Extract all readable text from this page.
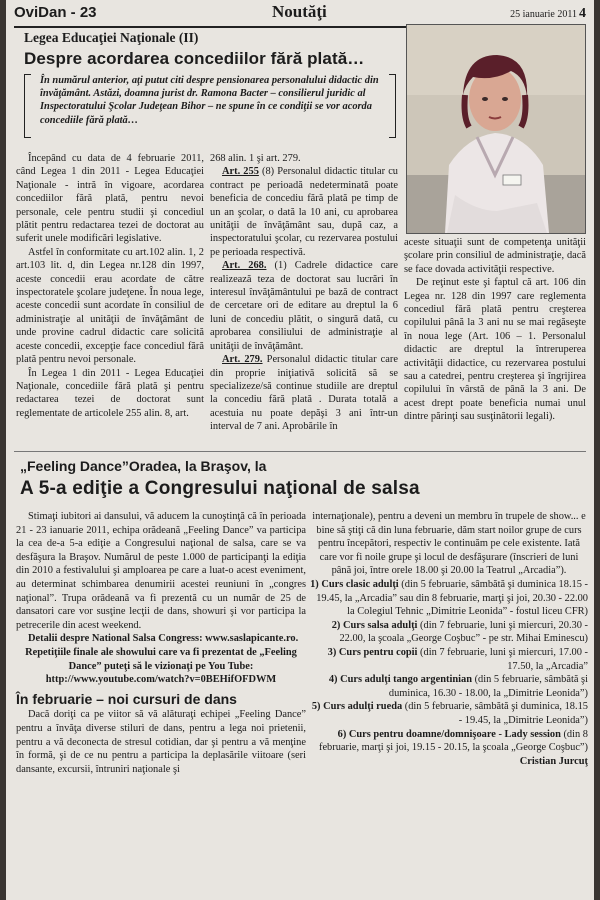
OviDan - 23	Noutăţi	25 ianuarie 2011 4
Legea Educaţiei Naţionale (II)
Despre acordarea concediilor fără plată…
În numărul anterior, aţi putut citi despre pensionarea personalului didactic din învăţământ. Astăzi, doamna jurist dr. Ramona Bacter – consilierul juridic al Inspectoratului Şcolar Judeţean Bihor – ne spune în ce condiţii se vor acorda concediile fără plată…

Începând cu data de 4 februarie 2011, când Legea 1 din 2011 - Legea Educaţiei Naţionale - intră în vigoare, acordarea concediilor fără plată, pentru nevoi personale, cele pentru studii şi concediul plătit pentru redactarea tezei de doctorat au suferit unele modificări legislative.

Astfel în conformitate cu art.102 alin. 1, 2 art.103 lit. d, din Legea nr.128 din 1997, aceste concedii erau acordate de către inspectoratele şcolare judeţene. În noua lege, aceste concedii sunt acordate în consiliul de administraţie al unităţii de învăţământ de unde provine cadrul didactic care solicită aceste concedii, excepţie face concediul fără plată pentru nevoi personale.

În Legea 1 din 2011 - Legea Educaţiei Naţionale, concediile fără plată şi pentru redactarea tezei de doctorat sunt reglementate de articolele 255 alin. 8, art.

268 alin. 1 şi art. 279.

Art. 255 (8) Personalul didactic titular cu contract pe perioadă nedeterminată poate beneficia de concediu fără plată pe timp de un an şcolar, o dată la 10 ani, cu aprobarea unităţii de învăţământ sau, după caz, a inspectoratului şcolar, cu rezervarea postului pe perioada respectivă.

Art. 268. (1) Cadrele didactice care realizează teza de doctorat sau lucrări în interesul învăţământului pe bază de contract de cercetare ori de editare au dreptul la 6 luni de concediu plătit, o singură dată, cu aprobarea consiliului de administraţie al unităţii de învăţământ.

Art. 279. Personalul didactic titular care din proprie iniţiativă solicită să se specializeze/să continue studiile are dreptul la concediu fără plată . Durata totală a acestuia nu poate depăşi 3 ani într-un interval de 7 ani. Aprobările în

aceste situaţii sunt de competenţa unităţii şcolare prin consiliul de administraţie, dacă se face dovada activităţii respective.

De reţinut este şi faptul că art. 106 din Legea nr. 128 din 1997 care reglementa concediul fără plată pentru creşterea copilului până la 3 ani nu se mai regăseşte în noua lege (Art. 106 – 1. Personalul didactic are dreptul la întreruperea activităţii didactice, cu rezervarea postului sau a catedrei, pentru creşterea şi îngrijirea copilului în vârstă de până la 3 ani. De acest drept poate beneficia numai unul dintre părinţi sau susţinătorii legali).

„Feeling Dance”Oradea, la Braşov, la
A 5-a ediţie a Congresului naţional de salsa

Stimaţi iubitori ai dansului, vă aducem la cunoştinţă că în perioada 21 - 23 ianuarie 2011, echipa orădeană „Feeling Dance” va participa la cea de-a 5-a ediţie a Congresului naţional de salsa, care se va desfăşura la Braşov. Numărul de peste 1.000 de participanţi la ediţia din 2010 a festivalului şi amploarea pe care a luat-o acest eveniment, au determinat schimbarea denumirii acestei reuniuni în „congres naţional”. Trupa orădeană va fi prezentă cu un număr de 25 de dansatori care vor susţine lecţii de dans, showuri şi vor participa la petrecerile din acest weekend.

Detalii despre National Salsa Congress: www.saslapicante.ro.

Repetiţiile finale ale showului care va fi prezentat de „Feeling Dance” puteţi să le vizionaţi pe You Tube: http://www.youtube.com/watch?v=0BEHifOFDWM

În februarie – noi cursuri de dans

Dacă doriţi ca pe viitor să vă alăturaţi echipei „Feeling Dance” pentru a învăţa diverse stiluri de dans, pentru a lega noi prietenii, pentru a vă deconecta de stresul cotidian, dar şi pentru a vă menţine în formă, şi de ce nu pentru a participa la deplasările viitoare (seri dansante, excursii, întruniri naţionale şi

internaţionale), pentru a deveni un membru în trupele de show... e bine să ştiţi că din luna februarie, dăm start noilor grupe de curs pentru începători, respectiv le continuăm pe cele existente. Iată care vor fi noile grupe şi locul de desfăşurare (înscrieri de luni până joi, între orele 18.00 şi 20.00 la Teatrul „Arcadia”).

1) Curs clasic adulţi (din 5 februarie, sâmbătă şi duminica 18.15 - 19.45, la „Arcadia” sau din 8 februarie, marţi şi joi, 20.30 - 22.00 la Colegiul Tehnic „Dimitrie Leonida” - fostul liceu CFR)

2) Curs salsa adulţi (din 7 februarie, luni şi miercuri, 20.30 - 22.00, la şcoala „George Coşbuc” - pe str. Mihai Eminescu)

3) Curs pentru copii (din 7 februarie, luni şi miercuri, 17.00 - 17.50, la „Arcadia”

4) Curs adulţi tango argentinian (din 5 februarie, sâmbătă şi duminica, 16.30 - 18.00, la „Dimitrie Leonida”)

5) Curs adulţi rueda (din 5 februarie, sâmbătă şi duminica, 18.15 - 19.45, la „Dimitrie Leonida”)

6) Curs pentru doamne/domnişoare - Lady session (din 8 februarie, marţi şi joi, 19.15 - 20.15, la şcoala „George Coşbuc”)

Cristian Jurcuţ
